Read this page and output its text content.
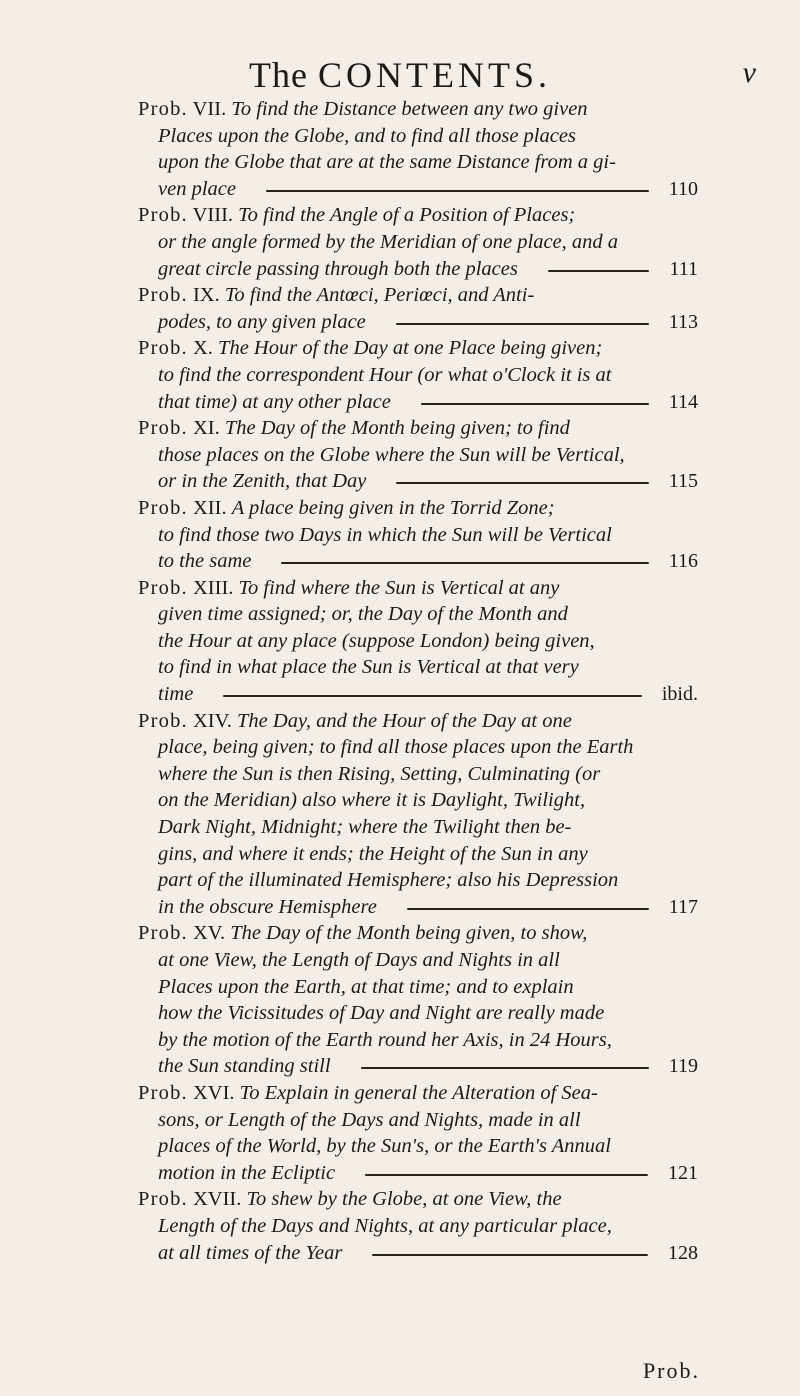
The CONTENTS.	v
Prob. VII. To find the Distance between any two given
Places upon the Globe, and to find all those places
upon the Globe that are at the same Distance from a gi-
ven place	110
Prob. VIII. To find the Angle of a Position of Places;
or the angle formed by the Meridian of one place, and a
great circle passing through both the places	111
Prob. IX. To find the Antœci, Periœci, and Anti-
podes, to any given place	113
Prob. X. The Hour of the Day at one Place being given;
to find the correspondent Hour (or what o'Clock it is at
that time) at any other place	114
Prob. XI. The Day of the Month being given; to find
those places on the Globe where the Sun will be Vertical,
or in the Zenith, that Day	115
Prob. XII. A place being given in the Torrid Zone;
to find those two Days in which the Sun will be Vertical
to the same	116
Prob. XIII. To find where the Sun is Vertical at any
given time assigned; or, the Day of the Month and
the Hour at any place (suppose London) being given,
to find in what place the Sun is Vertical at that very
time	ibid.
Prob. XIV. The Day, and the Hour of the Day at one
place, being given; to find all those places upon the Earth
where the Sun is then Rising, Setting, Culminating (or
on the Meridian) also where it is Daylight, Twilight,
Dark Night, Midnight; where the Twilight then be-
gins, and where it ends; the Height of the Sun in any
part of the illuminated Hemisphere; also his Depression
in the obscure Hemisphere	117
Prob. XV. The Day of the Month being given, to show,
at one View, the Length of Days and Nights in all
Places upon the Earth, at that time; and to explain
how the Vicissitudes of Day and Night are really made
by the motion of the Earth round her Axis, in 24 Hours,
the Sun standing still	119
Prob. XVI. To Explain in general the Alteration of Sea-
sons, or Length of the Days and Nights, made in all
places of the World, by the Sun's, or the Earth's Annual
motion in the Ecliptic	121
Prob. XVII. To shew by the Globe, at one View, the
Length of the Days and Nights, at any particular place,
at all times of the Year	128
Prob.
